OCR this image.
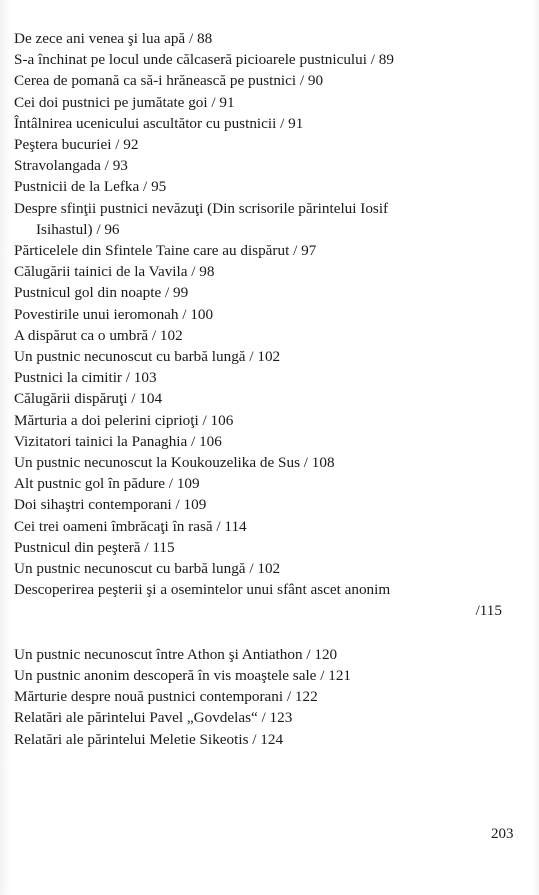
De zece ani venea şi lua apă / 88

S-a închinat pe locul unde călcaseră picioarele pustnicului / 89

Cerea de pomană ca să-i hrănească pe pustnici / 90

Cei doi pustnici pe jumătate goi / 91

Întâlnirea ucenicului ascultător cu pustnicii / 91

Peştera bucuriei / 92

Stravolangada / 93

Pustnicii de la Lefka / 95

Despre sfinţii pustnici nevăzuţi (Din scrisorile părintelui Iosif
Isihastul) / 96

Părticelele din Sfintele Taine care au dispărut / 97

Călugării tainici de la Vavila / 98

Pustnicul gol din noapte / 99

Povestirile unui ieromonah / 100

A dispărut ca o umbră / 102

Un pustnic necunoscut cu barbă lungă / 102

Pustnici la cimitir / 103

Călugării dispăruţi / 104

Mărturia a doi pelerini ciprioţi / 106

Vizitatori tainici la Panaghia / 106

Un pustnic necunoscut la Koukouzelika de Sus / 108

Alt pustnic gol în pădure / 109

Doi sihaştri contemporani / 109

Cei trei oameni îmbrăcaţi în rasă / 114

Pustnicul din peşteră / 115

Un pustnic necunoscut cu barbă lungă / 102

Descoperirea peşterii şi a osemintelor unui sfânt ascet anonim
/115

Un pustnic necunoscut între Athon şi Antiathon / 120

Un pustnic anonim descoperă în vis moaştele sale / 121

Mărturie despre nouă pustnici contemporani / 122

Relatări ale părintelui Pavel „Govdelas“ / 123

Relatări ale părintelui Meletie Sikeotis / 124

203
